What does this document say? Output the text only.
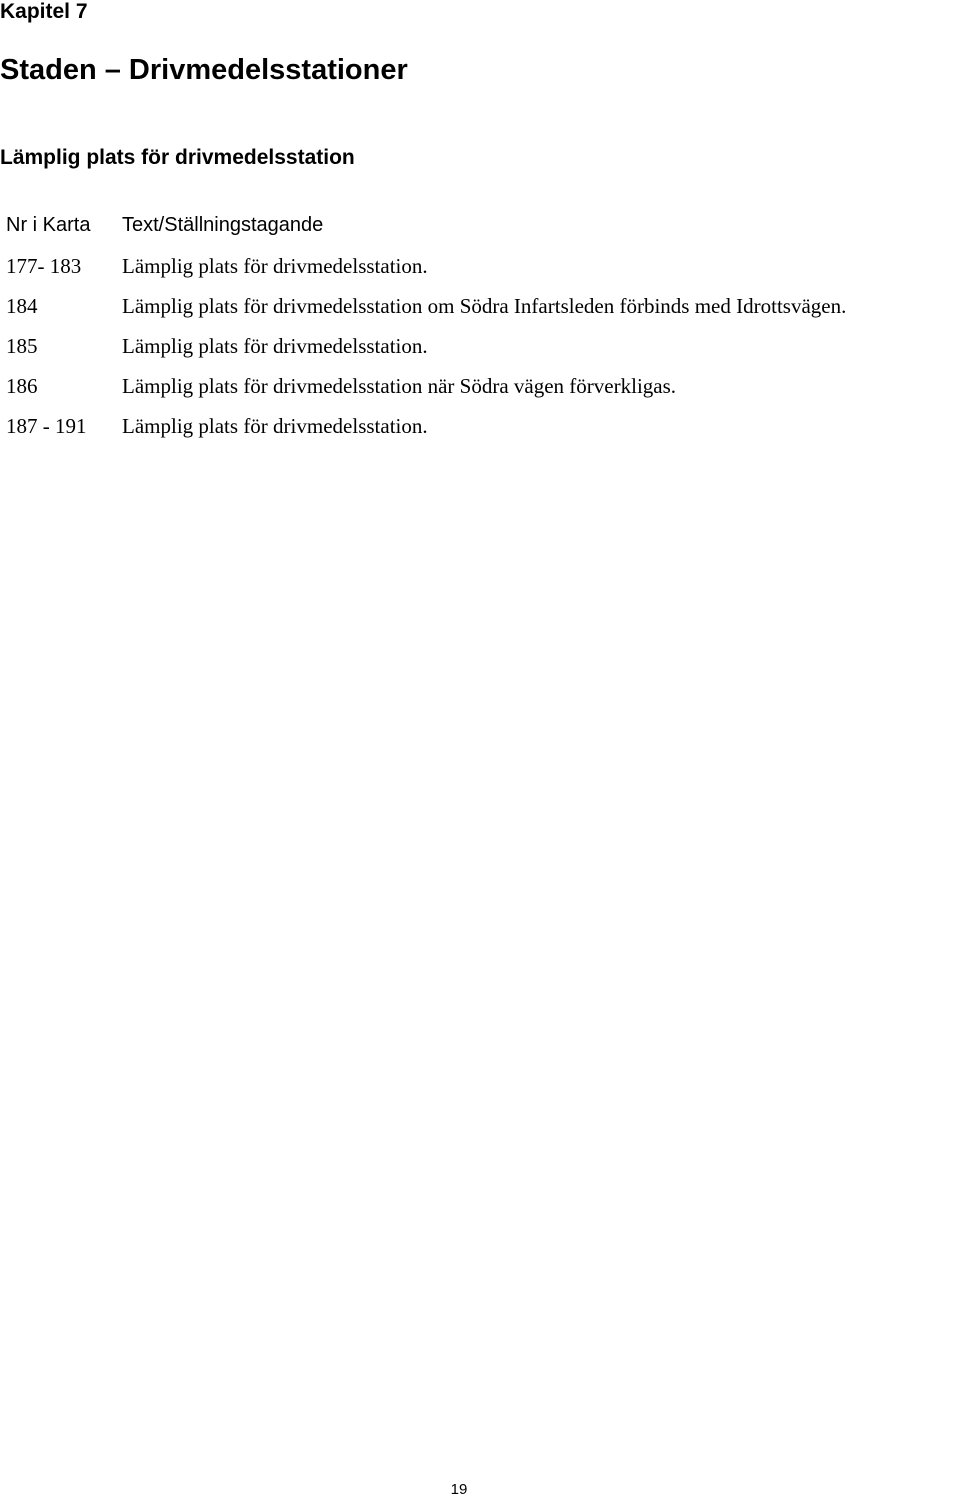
Kapitel 7
Staden – Drivmedelsstationer
Lämplig plats för drivmedelsstation
Nr i Karta Text/Ställningstagande
177- 183 Lämplig plats för drivmedelsstation.
184	Lämplig plats för drivmedelsstation om Södra Infartsleden förbinds med Idrottsvägen.
185	Lämplig plats för drivmedelsstation.
186	Lämplig plats för drivmedelsstation när Södra vägen förverkligas.
187 - 191 Lämplig plats för drivmedelsstation.
19
